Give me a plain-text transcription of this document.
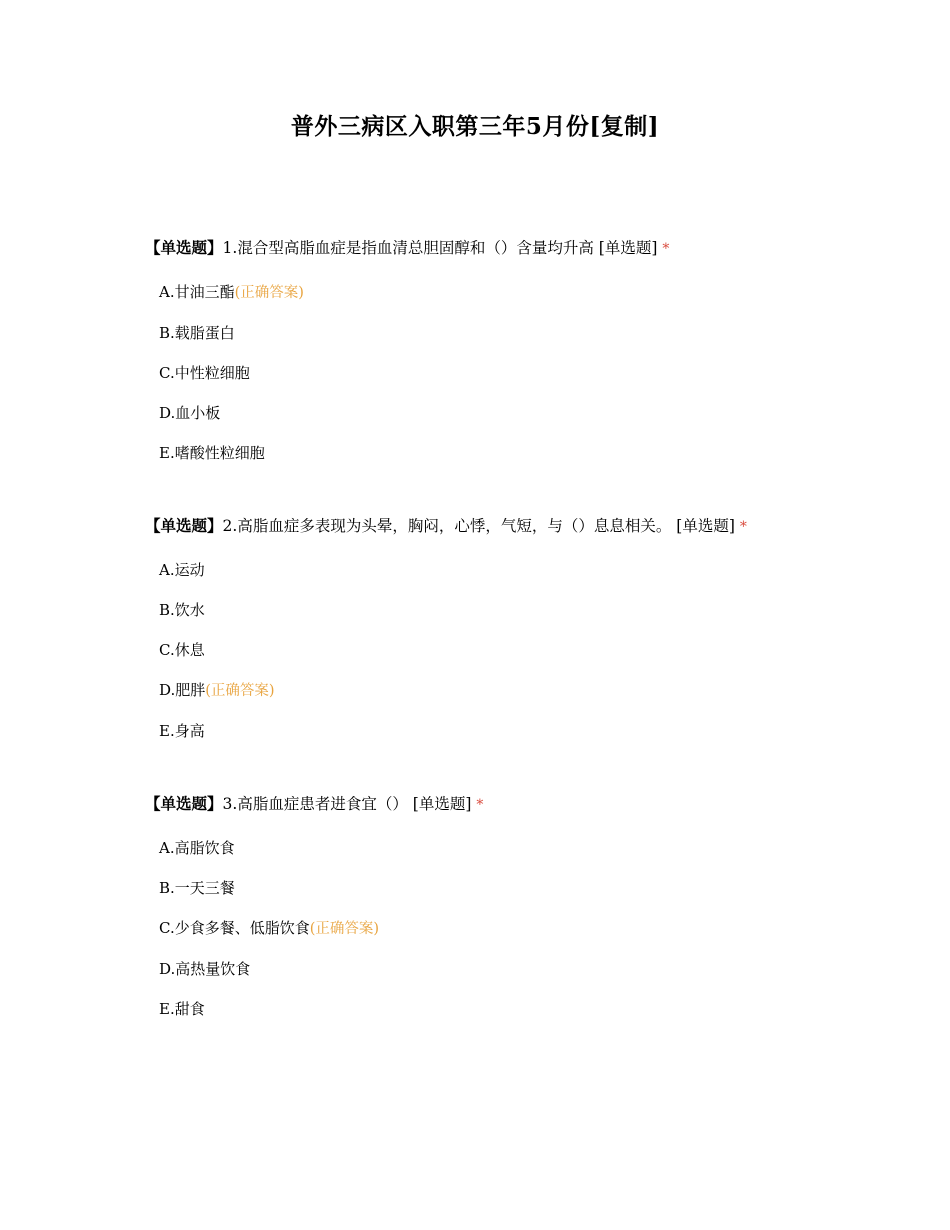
普外三病区入职第三年5月份[复制]
【单选题】1.混合型高脂血症是指血清总胆固醇和（）含量均升高 [单选题] *
A.甘油三酯(正确答案)
B.载脂蛋白
C.中性粒细胞
D.血小板
E.嗜酸性粒细胞
【单选题】2.高脂血症多表现为头晕，胸闷，心悸，气短，与（）息息相关。 [单选题] *
A.运动
B.饮水
C.休息
D.肥胖(正确答案)
E.身高
【单选题】3.高脂血症患者进食宜（） [单选题] *
A.高脂饮食
B.一天三餐
C.少食多餐、低脂饮食(正确答案)
D.高热量饮食
E.甜食
